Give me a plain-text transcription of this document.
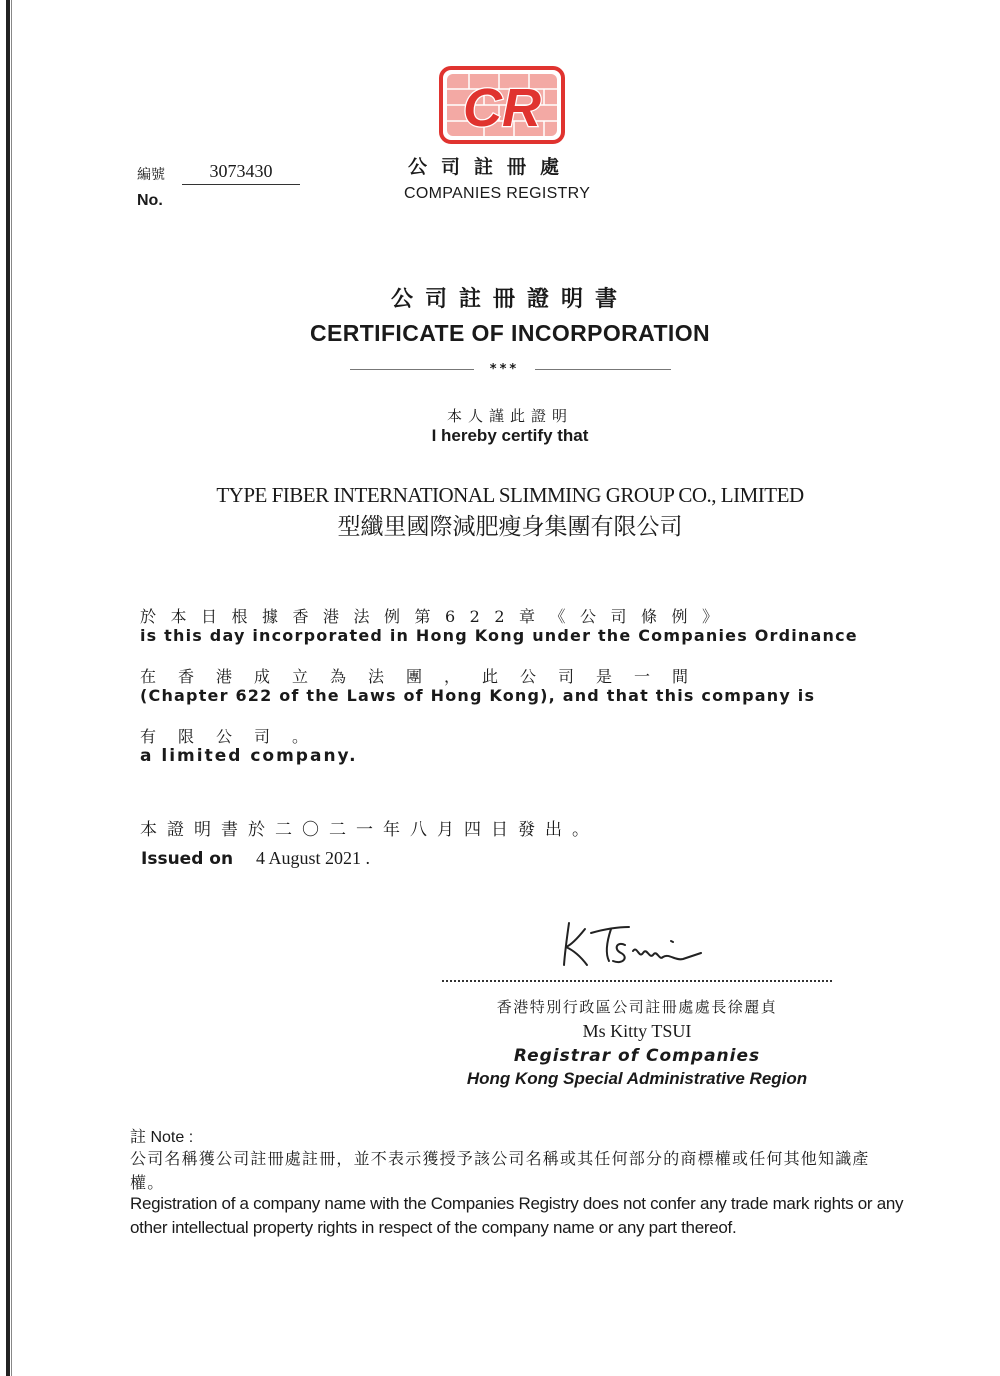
CR
公司註冊處
COMPANIES REGISTRY
編號	3073430
No.
公司註冊證明書
CERTIFICATE OF INCORPORATION
***
本人謹此證明
I hereby certify that
TYPE FIBER INTERNATIONAL SLIMMING GROUP CO., LIMITED
型纖里國際減肥瘦身集團有限公司
於本日根據香港法例第622章《公司條例》
is this day incorporated in Hong Kong under the Companies Ordinance
在香港成立為法團，此公司是一間
(Chapter 622 of the Laws of Hong Kong), and that this company is
有限公司。
a limited company.
本證明書於二〇二一年八月四日發出。
Issued on 4 August 2021 .
香港特別行政區公司註冊處處長徐麗貞
Ms Kitty TSUI
Registrar of Companies
Hong Kong Special Administrative Region
註 Note :
公司名稱獲公司註冊處註冊，並不表示獲授予該公司名稱或其任何部分的商標權或任何其他知識產權。
Registration of a company name with the Companies Registry does not confer any trade mark rights or any other intellectual property rights in respect of the company name or any part thereof.
